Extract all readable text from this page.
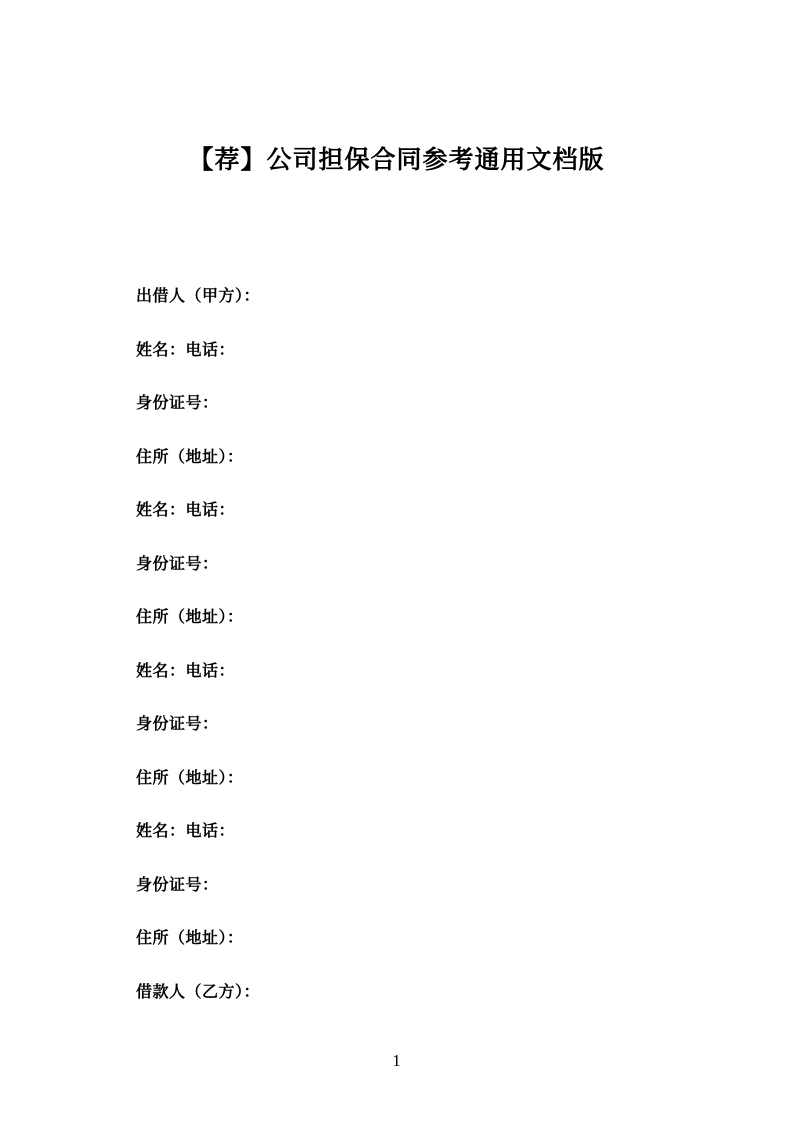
【荐】公司担保合同参考通用文档版

出借人（甲方）：

姓名：电话：

身份证号：

住所（地址）：

姓名：电话：

身份证号：

住所（地址）：

姓名：电话：

身份证号：

住所（地址）：

姓名：电话：

身份证号：

住所（地址）：

借款人（乙方）：

1
